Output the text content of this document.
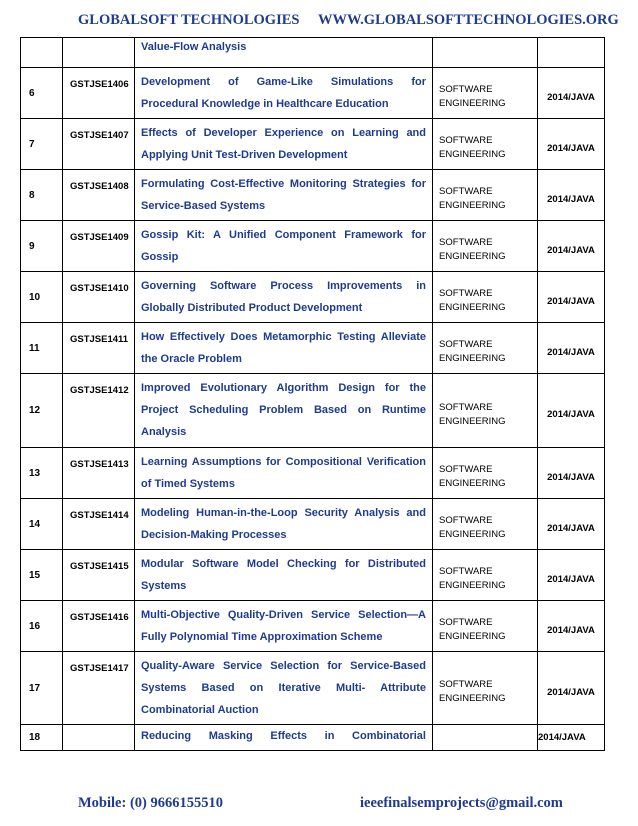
GLOBALSOFT TECHNOLOGIES WWW.GLOBALSOFTTECHNOLOGIES.ORG
		Value-Flow Analysis		
6	GSTJSE1406	Development of Game-Like Simulations for Procedural Knowledge in Healthcare Education	SOFTWARE ENGINEERING	2014/JAVA
7	GSTJSE1407	Effects of Developer Experience on Learning and Applying Unit Test-Driven Development	SOFTWARE ENGINEERING	2014/JAVA
8	GSTJSE1408	Formulating Cost-Effective Monitoring Strategies for Service-Based Systems	SOFTWARE ENGINEERING	2014/JAVA
9	GSTJSE1409	Gossip Kit: A Unified Component Framework for Gossip	SOFTWARE ENGINEERING	2014/JAVA
10	GSTJSE1410	Governing Software Process Improvements in Globally Distributed Product Development	SOFTWARE ENGINEERING	2014/JAVA
11	GSTJSE1411	How Effectively Does Metamorphic Testing Alleviate the Oracle Problem	SOFTWARE ENGINEERING	2014/JAVA
12	GSTJSE1412	Improved Evolutionary Algorithm Design for the Project Scheduling Problem Based on Runtime Analysis	SOFTWARE ENGINEERING	2014/JAVA
13	GSTJSE1413	Learning Assumptions for Compositional Verification of Timed Systems	SOFTWARE ENGINEERING	2014/JAVA
14	GSTJSE1414	Modeling Human-in-the-Loop Security Analysis and Decision-Making Processes	SOFTWARE ENGINEERING	2014/JAVA
15	GSTJSE1415	Modular Software Model Checking for Distributed Systems	SOFTWARE ENGINEERING	2014/JAVA
16	GSTJSE1416	Multi-Objective Quality-Driven Service Selection—A Fully Polynomial Time Approximation Scheme	SOFTWARE ENGINEERING	2014/JAVA
17	GSTJSE1417	Quality-Aware Service Selection for Service-Based Systems Based on Iterative Multi- Attribute Combinatorial Auction	SOFTWARE ENGINEERING	2014/JAVA
18		Reducing Masking Effects in Combinatorial		2014/JAVA
Mobile: (0) 9666155510	ieeefinalsemprojects@gmail.com
